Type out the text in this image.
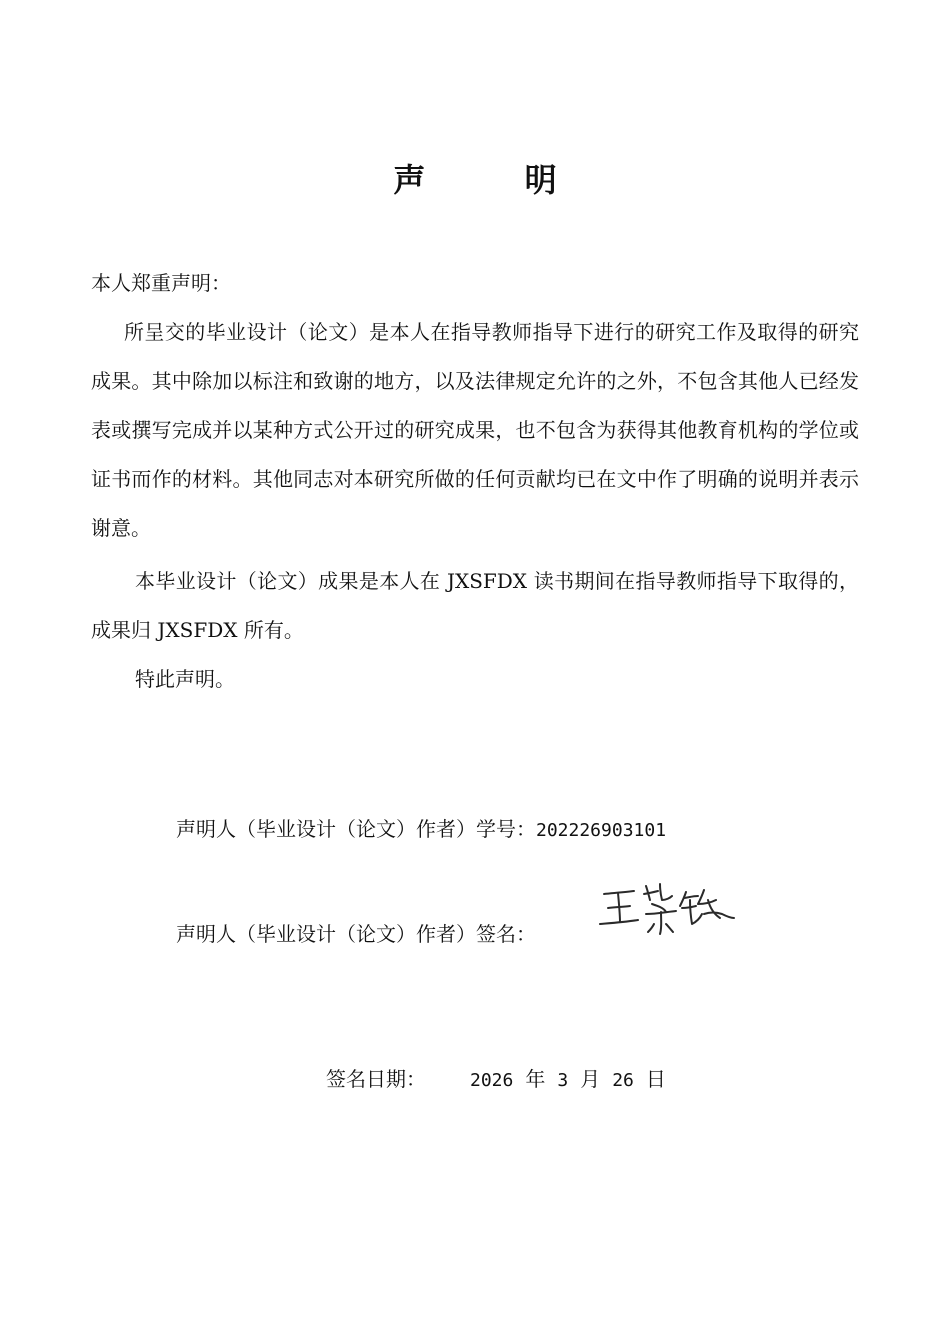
声 明
本人郑重声明：
所呈交的毕业设计（论文）是本人在指导教师指导下进行的研究工作及取得的研究成果。其中除加以标注和致谢的地方，以及法律规定允许的之外，不包含其他人已经发表或撰写完成并以某种方式公开过的研究成果，也不包含为获得其他教育机构的学位或证书而作的材料。其他同志对本研究所做的任何贡献均已在文中作了明确的说明并表示谢意。
本毕业设计（论文）成果是本人在 JXSFDX 读书期间在指导教师指导下取得的，成果归 JXSFDX 所有。
特此声明。
声明人（毕业设计（论文）作者）学号：202226903101
声明人（毕业设计（论文）作者）签名：
签名日期： 2026 年 3 月 26 日
